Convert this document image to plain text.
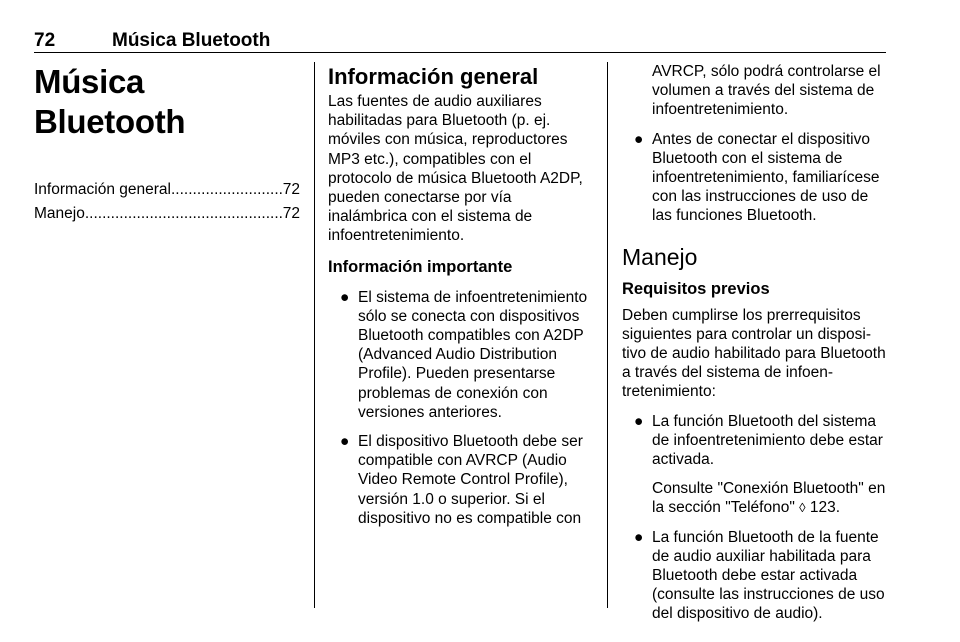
72	Música Bluetooth
Música Bluetooth
Información general .....	72
Manejo .....	72
Información general

Las fuentes de audio auxiliares habilitadas para Bluetooth (p. ej. móviles con música, reproductores MP3 etc.), compatibles con el protocolo de música Bluetooth A2DP, pueden conectarse por vía inalámbrica con el sistema de infoentretenimiento.

Información importante
● El sistema de infoentretenimiento sólo se conecta con dispositivos Bluetooth compatibles con A2DP (Advanced Audio Distribution Profile). Pueden presentarse problemas de conexión con versiones anteriores.
● El dispositivo Bluetooth debe ser compatible con AVRCP (Audio Video Remote Control Profile), versión 1.0 o superior. Si el dispositivo no es compatible con

AVRCP, sólo podrá controlarse el volumen a través del sistema de infoentretenimiento.

● Antes de conectar el dispositivo Bluetooth con el sistema de infoentretenimiento, familiarícese con las instrucciones de uso de las funciones Bluetooth.
Manejo
Requisitos previos

Deben cumplirse los prerrequisitos siguientes para controlar un dispositivo de audio habilitado para Bluetooth a través del sistema de infoentretenimiento:

● La función Bluetooth del sistema de infoentretenimiento debe estar activada.

Consulte "Conexión Bluetooth" en la sección "Teléfono" ◊ 123.

● La función Bluetooth de la fuente de audio auxiliar habilitada para Bluetooth debe estar activada (consulte las instrucciones de uso del dispositivo de audio).
